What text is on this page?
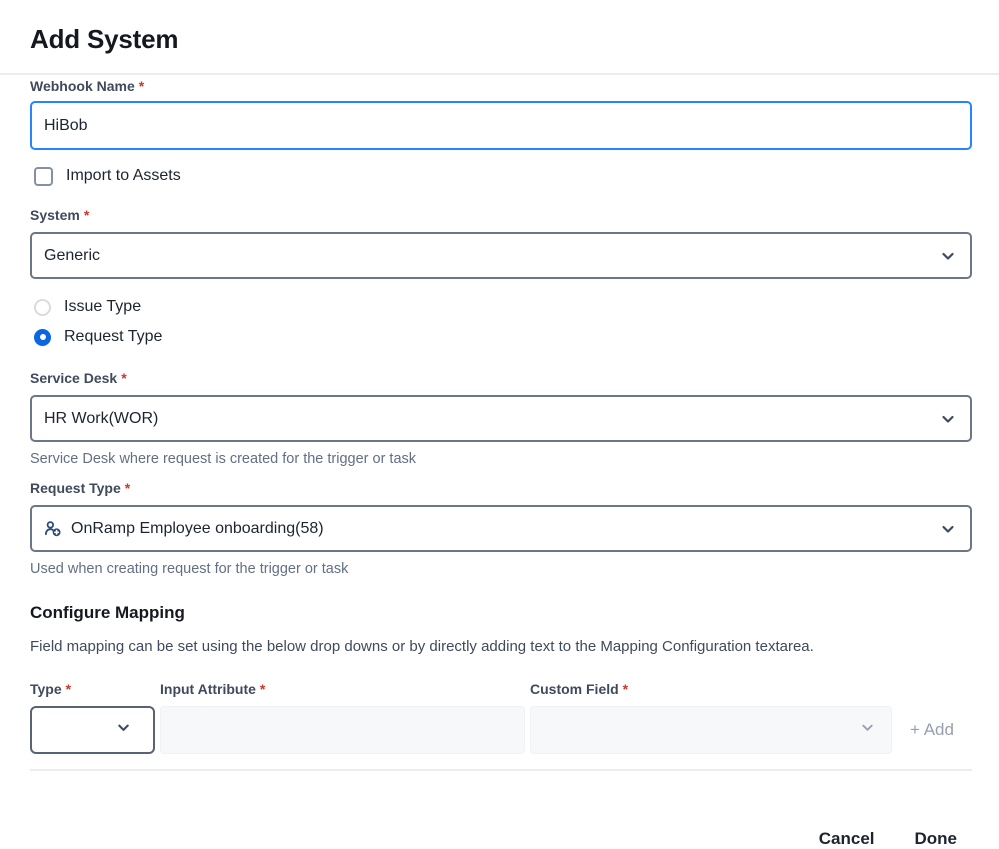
Add System
Webhook Name *
HiBob
Import to Assets
System *
Generic
Issue Type
Request Type
Service Desk *
HR Work(WOR)
Service Desk where request is created for the trigger or task
Request Type *
OnRamp Employee onboarding(58)
Used when creating request for the trigger or task
Configure Mapping
Field mapping can be set using the below drop downs or by directly adding text to the Mapping Configuration textarea.
Type *	Input Attribute *	Custom Field *
+ Add
Cancel Done
